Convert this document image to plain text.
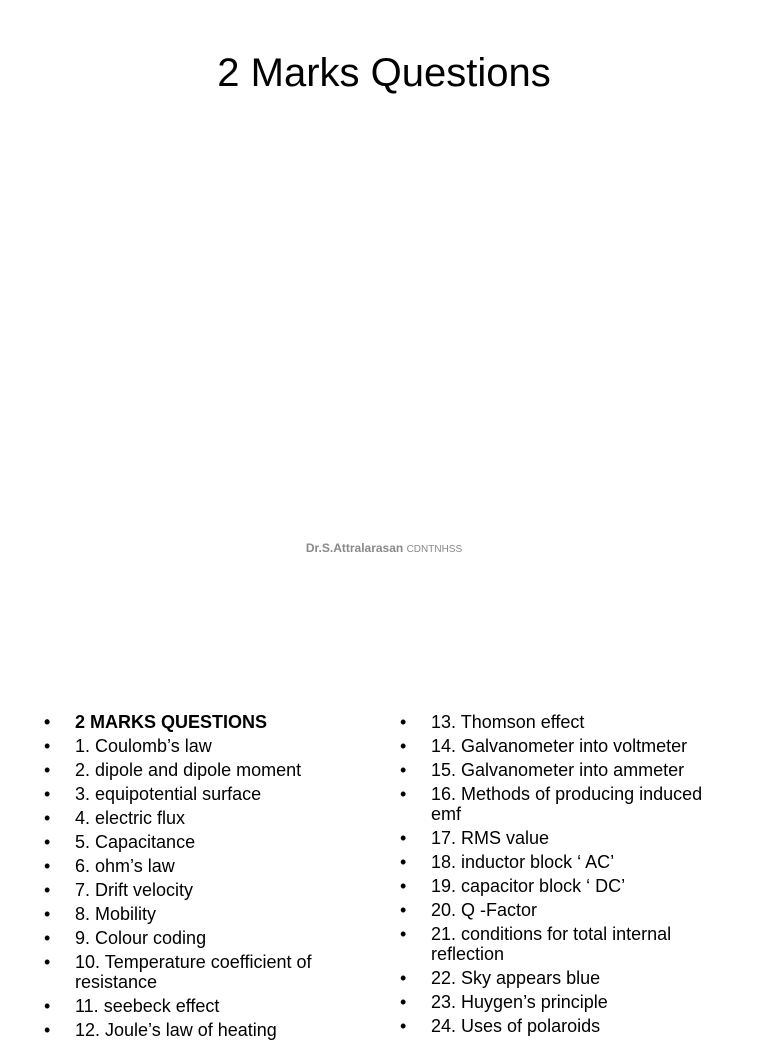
2 Marks Questions
Dr.S.Attralarasan CDNTNHSS
• 2 MARKS QUESTIONS
• 1. Coulomb’s law
• 2. dipole and dipole moment
• 3. equipotential surface
• 4. electric flux
• 5. Capacitance
• 6. ohm’s law
• 7. Drift velocity
• 8. Mobility
• 9. Colour coding
• 10. Temperature coefficient of resistance
• 11. seebeck effect
• 12. Joule’s law of heating
• 13. Thomson effect
• 14. Galvanometer into voltmeter
• 15. Galvanometer into ammeter
• 16. Methods of producing induced emf
• 17. RMS value
• 18. inductor block ‘ AC’
• 19. capacitor block ‘ DC’
• 20. Q -Factor
• 21. conditions for total internal reflection
• 22. Sky appears blue
• 23. Huygen’s principle
• 24. Uses of polaroids
